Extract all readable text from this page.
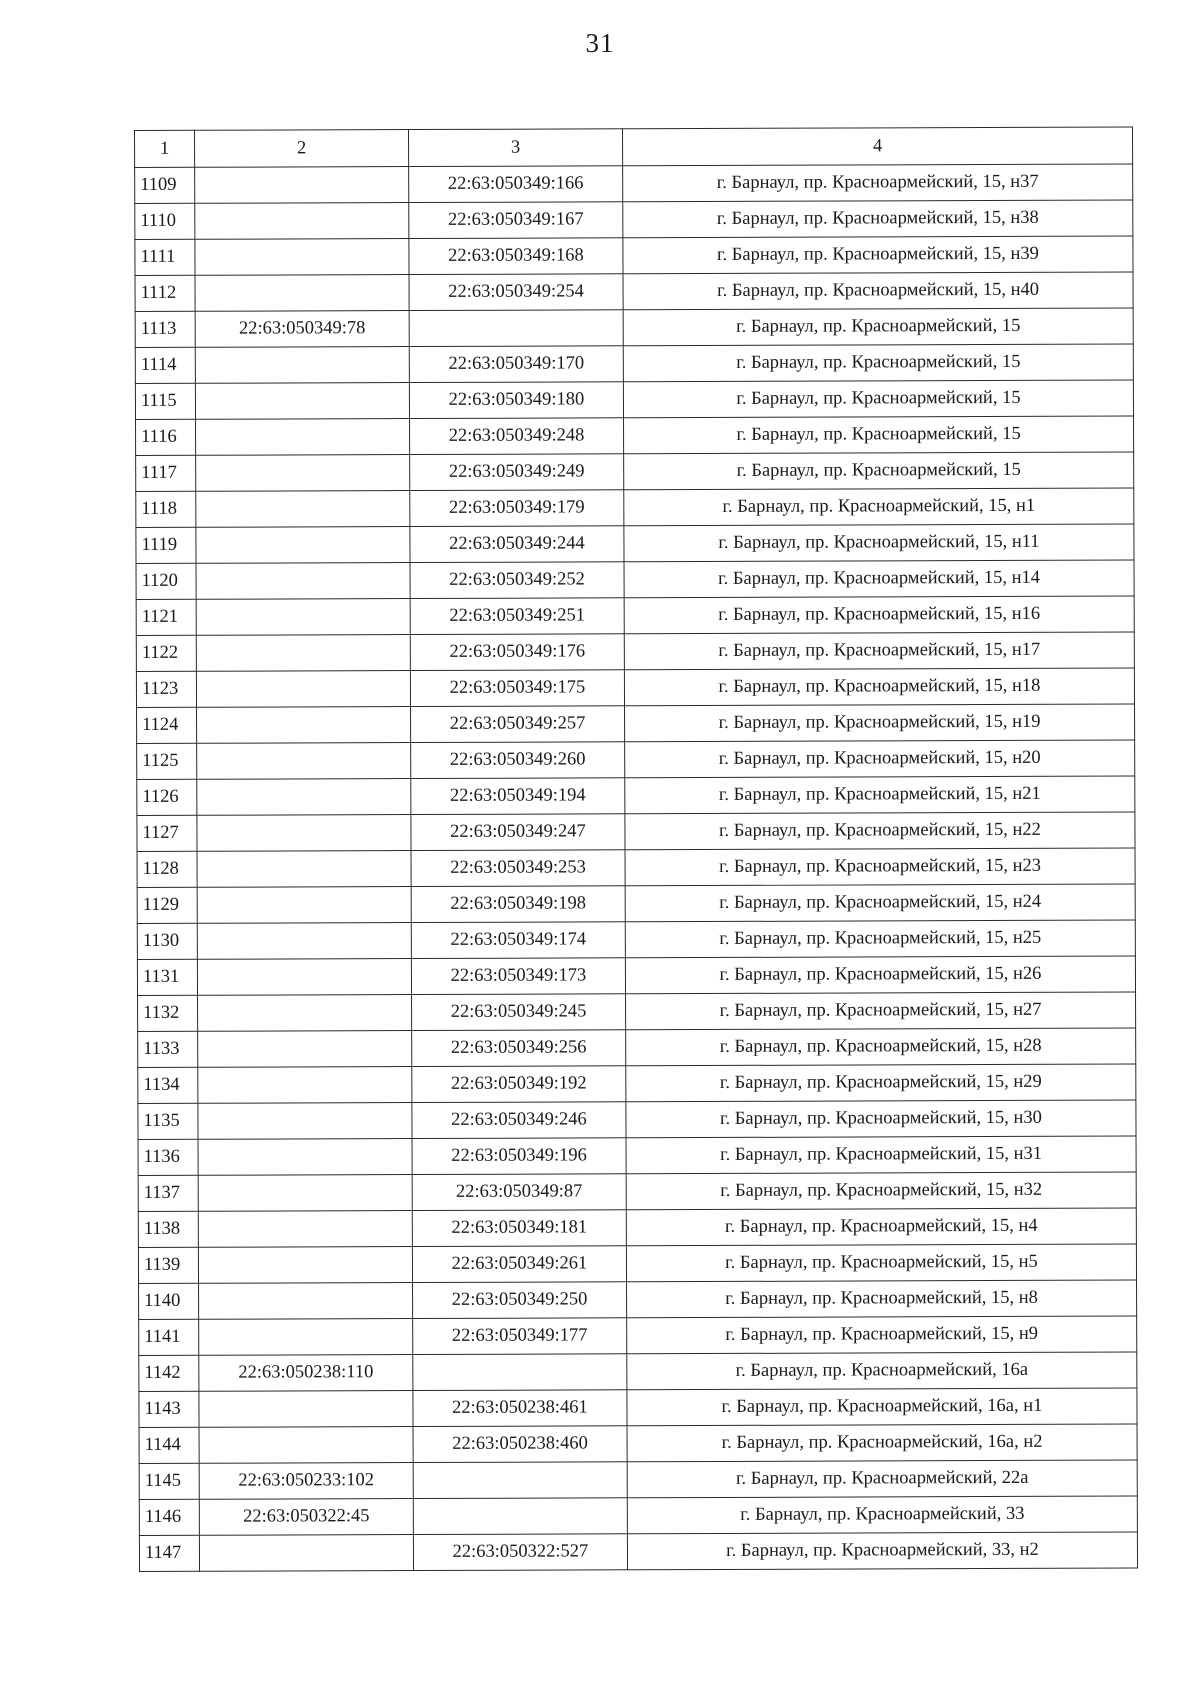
31
1	2	3	4
1109		22:63:050349:166	г. Барнаул, пр. Красноармейский, 15, н37
1110		22:63:050349:167	г. Барнаул, пр. Красноармейский, 15, н38
1111		22:63:050349:168	г. Барнаул, пр. Красноармейский, 15, н39
1112		22:63:050349:254	г. Барнаул, пр. Красноармейский, 15, н40
1113	22:63:050349:78		г. Барнаул, пр. Красноармейский, 15
1114		22:63:050349:170	г. Барнаул, пр. Красноармейский, 15
1115		22:63:050349:180	г. Барнаул, пр. Красноармейский, 15
1116		22:63:050349:248	г. Барнаул, пр. Красноармейский, 15
1117		22:63:050349:249	г. Барнаул, пр. Красноармейский, 15
1118		22:63:050349:179	г. Барнаул, пр. Красноармейский, 15, н1
1119		22:63:050349:244	г. Барнаул, пр. Красноармейский, 15, н11
1120		22:63:050349:252	г. Барнаул, пр. Красноармейский, 15, н14
1121		22:63:050349:251	г. Барнаул, пр. Красноармейский, 15, н16
1122		22:63:050349:176	г. Барнаул, пр. Красноармейский, 15, н17
1123		22:63:050349:175	г. Барнаул, пр. Красноармейский, 15, н18
1124		22:63:050349:257	г. Барнаул, пр. Красноармейский, 15, н19
1125		22:63:050349:260	г. Барнаул, пр. Красноармейский, 15, н20
1126		22:63:050349:194	г. Барнаул, пр. Красноармейский, 15, н21
1127		22:63:050349:247	г. Барнаул, пр. Красноармейский, 15, н22
1128		22:63:050349:253	г. Барнаул, пр. Красноармейский, 15, н23
1129		22:63:050349:198	г. Барнаул, пр. Красноармейский, 15, н24
1130		22:63:050349:174	г. Барнаул, пр. Красноармейский, 15, н25
1131		22:63:050349:173	г. Барнаул, пр. Красноармейский, 15, н26
1132		22:63:050349:245	г. Барнаул, пр. Красноармейский, 15, н27
1133		22:63:050349:256	г. Барнаул, пр. Красноармейский, 15, н28
1134		22:63:050349:192	г. Барнаул, пр. Красноармейский, 15, н29
1135		22:63:050349:246	г. Барнаул, пр. Красноармейский, 15, н30
1136		22:63:050349:196	г. Барнаул, пр. Красноармейский, 15, н31
1137		22:63:050349:87	г. Барнаул, пр. Красноармейский, 15, н32
1138		22:63:050349:181	г. Барнаул, пр. Красноармейский, 15, н4
1139		22:63:050349:261	г. Барнаул, пр. Красноармейский, 15, н5
1140		22:63:050349:250	г. Барнаул, пр. Красноармейский, 15, н8
1141		22:63:050349:177	г. Барнаул, пр. Красноармейский, 15, н9
1142	22:63:050238:110		г. Барнаул, пр. Красноармейский, 16а
1143		22:63:050238:461	г. Барнаул, пр. Красноармейский, 16а, н1
1144		22:63:050238:460	г. Барнаул, пр. Красноармейский, 16а, н2
1145	22:63:050233:102		г. Барнаул, пр. Красноармейский, 22а
1146	22:63:050322:45		г. Барнаул, пр. Красноармейский, 33
1147		22:63:050322:527	г. Барнаул, пр. Красноармейский, 33, н2
